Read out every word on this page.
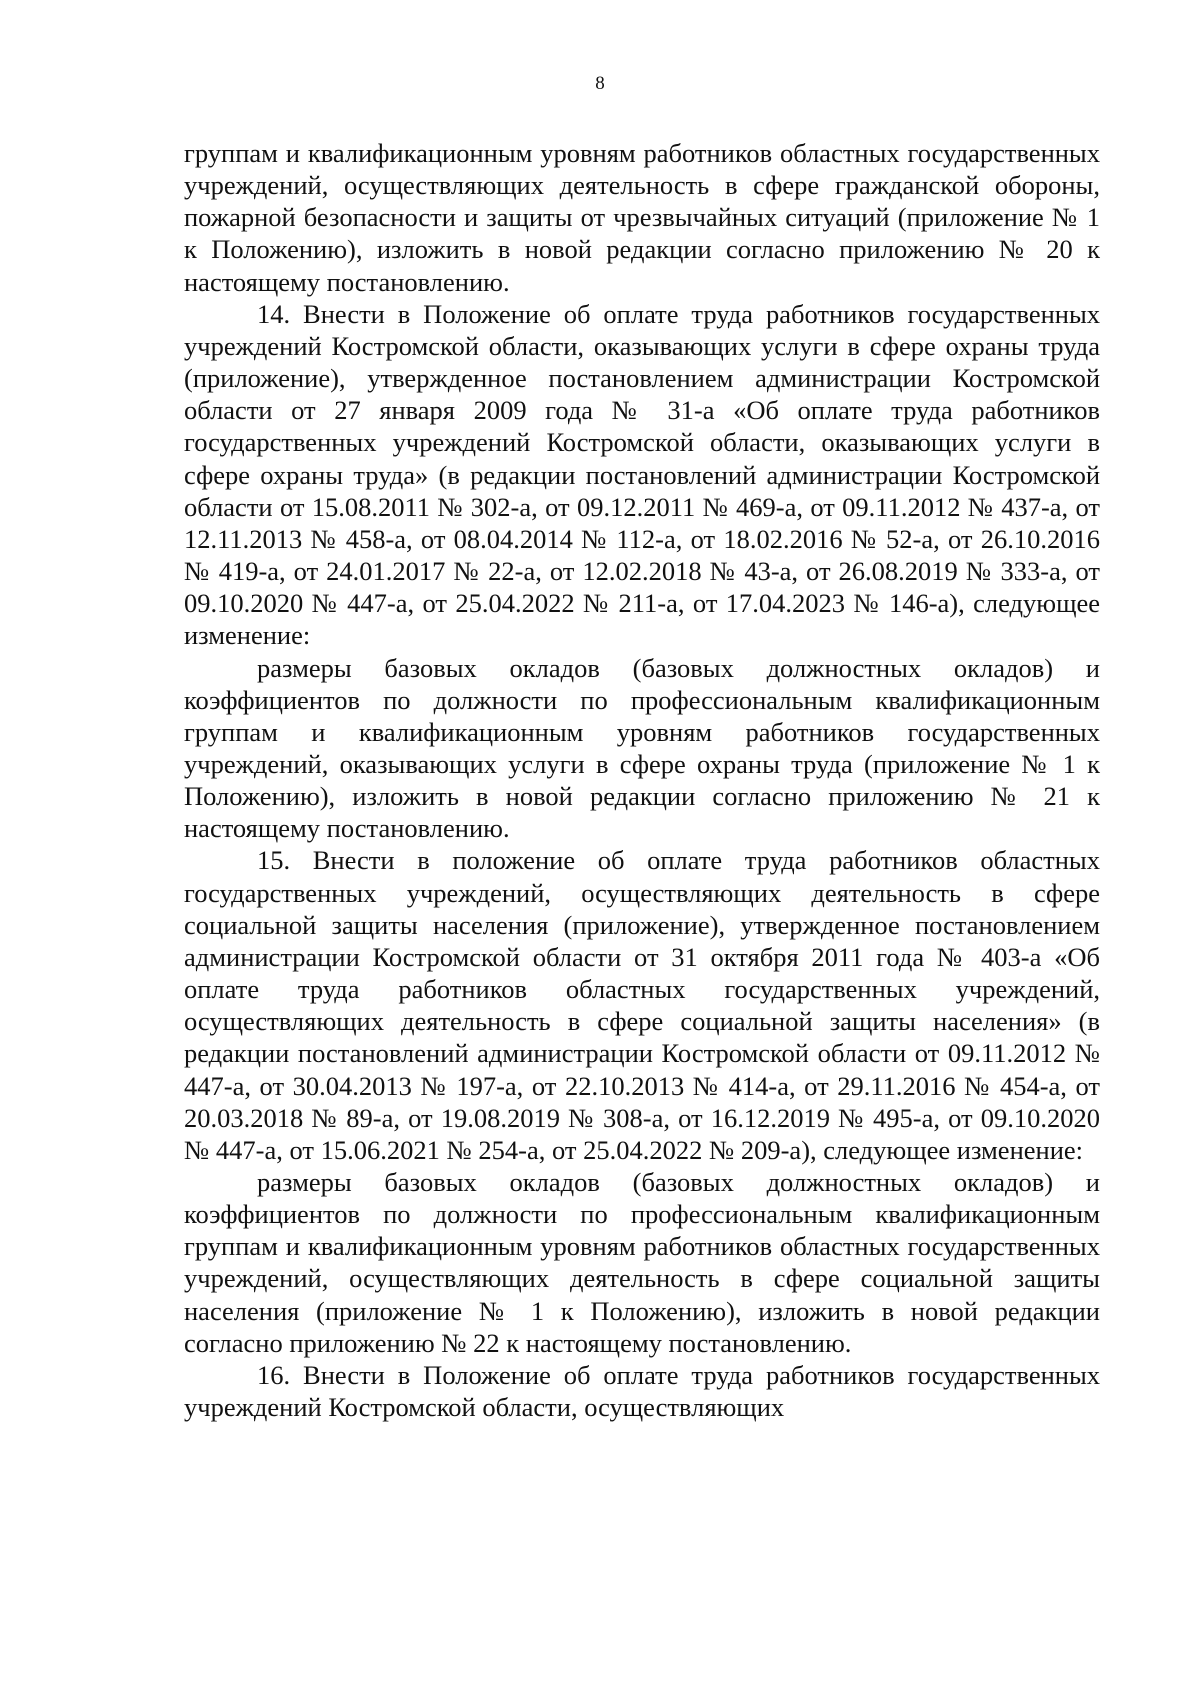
8

группам и квалификационным уровням работников областных государственных учреждений, осуществляющих деятельность в сфере гражданской обороны, пожарной безопасности и защиты от чрезвычайных ситуаций (приложение № 1 к Положению), изложить в новой редакции согласно приложению № 20 к настоящему постановлению.

14. Внести в Положение об оплате труда работников государственных учреждений Костромской области, оказывающих услуги в сфере охраны труда (приложение), утвержденное постановлением администрации Костромской области от 27 января 2009 года № 31-а «Об оплате труда работников государственных учреждений Костромской области, оказывающих услуги в сфере охраны труда» (в редакции постановлений администрации Костромской области от 15.08.2011 № 302-а, от 09.12.2011 № 469-а, от 09.11.2012 № 437-а, от 12.11.2013 № 458-а, от 08.04.2014 № 112-а, от 18.02.2016 № 52-а, от 26.10.2016 № 419-а, от 24.01.2017 № 22-а, от 12.02.2018 № 43-а, от 26.08.2019 № 333-а, от 09.10.2020 № 447-а, от 25.04.2022 № 211-а, от 17.04.2023 № 146-а), следующее изменение:

размеры базовых окладов (базовых должностных окладов) и коэффициентов по должности по профессиональным квалификационным группам и квалификационным уровням работников государственных учреждений, оказывающих услуги в сфере охраны труда (приложение № 1 к Положению), изложить в новой редакции согласно приложению № 21 к настоящему постановлению.

15. Внести в положение об оплате труда работников областных государственных учреждений, осуществляющих деятельность в сфере социальной защиты населения (приложение), утвержденное постановлением администрации Костромской области от 31 октября 2011 года № 403-а «Об оплате труда работников областных государственных учреждений, осуществляющих деятельность в сфере социальной защиты населения» (в редакции постановлений администрации Костромской области от 09.11.2012 № 447-а, от 30.04.2013 № 197-а, от 22.10.2013 № 414-а, от 29.11.2016 № 454-а, от 20.03.2018 № 89-а, от 19.08.2019 № 308-а, от 16.12.2019 № 495-а, от 09.10.2020 № 447-а, от 15.06.2021 № 254-а, от 25.04.2022 № 209-а), следующее изменение:

размеры базовых окладов (базовых должностных окладов) и коэффициентов по должности по профессиональным квалификационным группам и квалификационным уровням работников областных государственных учреждений, осуществляющих деятельность в сфере социальной защиты населения (приложение № 1 к Положению), изложить в новой редакции согласно приложению № 22 к настоящему постановлению.

16. Внести в Положение об оплате труда работников государственных учреждений Костромской области, осуществляющих
